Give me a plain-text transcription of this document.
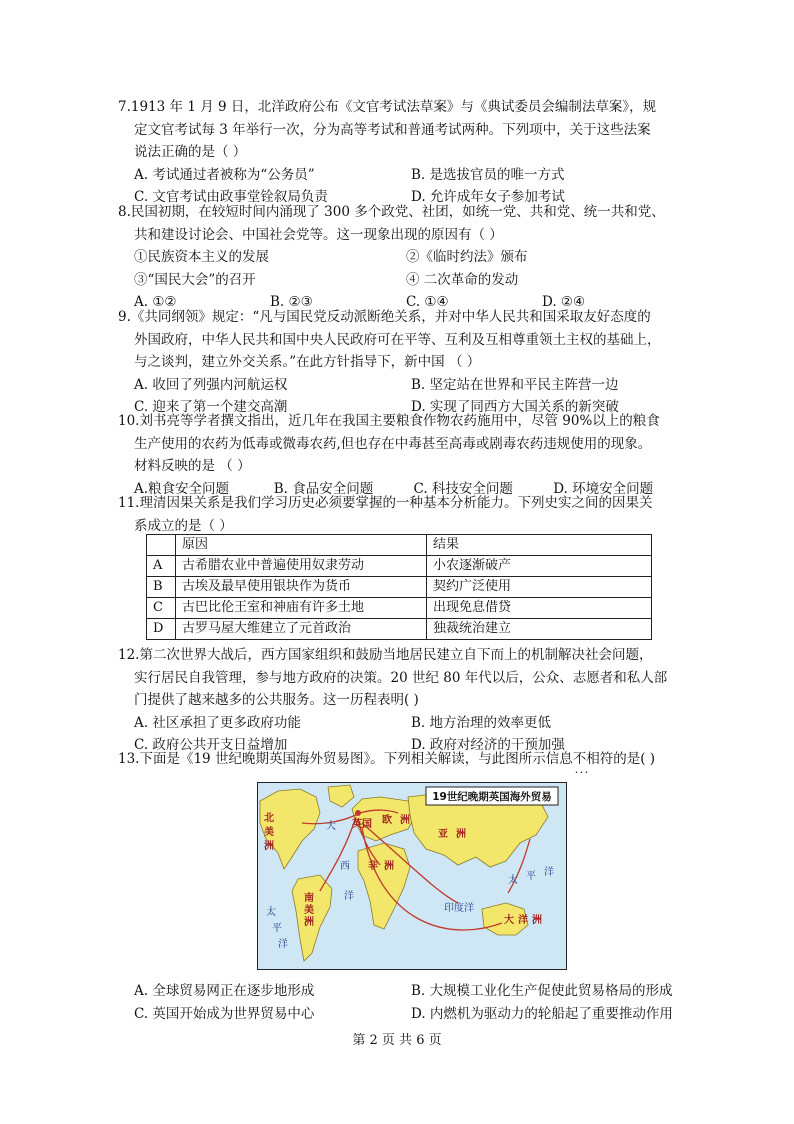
7.1913 年 1 月 9 日，北洋政府公布《文官考试法草案》与《典试委员会编制法草案》，规

定文官考试每 3 年举行一次，分为高等考试和普通考试两种。下列项中，关于这些法案

说法正确的是（ ）

A. 考试通过者被称为“公务员”	B. 是选拔官员的唯一方式
C. 文官考试由政事堂铨叙局负责	D. 允许成年女子参加考试

8.民国初期，在较短时间内涌现了 300 多个政党、社团，如统一党、共和党、统一共和党、

共和建设讨论会、中国社会党等。这一现象出现的原因有（ ）

①民族资本主义的发展	②《临时约法》颁布
③“国民大会”的召开	④ 二次革命的发动
A. ①②	B. ②③	C. ①④	D. ②④

9.《共同纲领》规定：“凡与国民党反动派断绝关系，并对中华人民共和国采取友好态度的

外国政府，中华人民共和国中央人民政府可在平等、互利及互相尊重领土主权的基础上，

与之谈判，建立外交关系。”在此方针指导下，新中国 （ ）

A. 收回了列强内河航运权	B. 坚定站在世界和平民主阵营一边
C. 迎来了第一个建交高潮	D. 实现了同西方大国关系的新突破

10.刘书亮等学者撰文指出，近几年在我国主要粮食作物农药施用中，尽管 90%以上的粮食

生产使用的农药为低毒或微毒农药,但也存在中毒甚至高毒或剧毒农药违规使用的现象。

材料反映的是 （ ）

A.粮食安全问题	B. 食品安全问题	C. 科技安全问题	D. 环境安全问题

11.理清因果关系是我们学习历史必须要掌握的一种基本分析能力。下列史实之间的因果关

系成立的是（ ）

	原因	结果
A	古希腊农业中普遍使用奴隶劳动	小农逐渐破产
B	古埃及最早使用银块作为货币	契约广泛使用
C	古巴比伦王室和神庙有许多土地	出现免息借贷
D	古罗马屋大维建立了元首政治	独裁统治建立

12.第二次世界大战后，西方国家组织和鼓励当地居民建立自下而上的机制解决社会问题，

实行居民自我管理，参与地方政府的决策。20 世纪 80 年代以后，公众、志愿者和私人部

门提供了越来越多的公共服务。这一历程表明( )

A. 社区承担了更多政府功能	B. 地方治理的效率更低
C. 政府公共开支日益增加	D. 政府对经济的干预加强

13.下面是《19 世纪晚期英国海外贸易图》。下列相关解读，与此图所示信息不相符 · · ·的是( )

19世纪晚期英国海外贸易
北
美
洲
南
美
洲
英国 欧 洲
非 洲
亚 洲
大 洋 洲
大
西
洋
太
平
洋
太 平 洋
印度洋
A. 全球贸易网正在逐步地形成	B. 大规模工业化生产促使此贸易格局的形成
C. 英国开始成为世界贸易中心	D. 内燃机为驱动力的轮船起了重要推动作用
第 2 页 共 6 页
